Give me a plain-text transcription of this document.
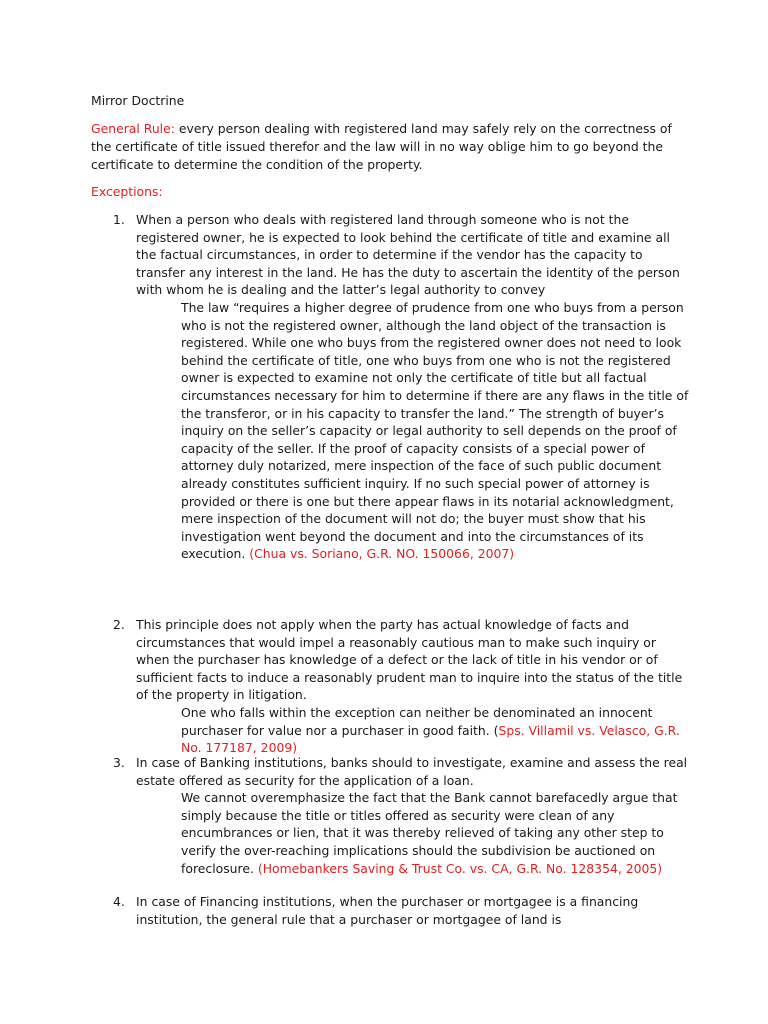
Mirror Doctrine
General Rule: every person dealing with registered land may safely rely on the correctness of the certificate of title issued therefor and the law will in no way oblige him to go beyond the certificate to determine the condition of the property.
Exceptions:
1. When a person who deals with registered land through someone who is not the registered owner, he is expected to look behind the certificate of title and examine all the factual circumstances, in order to determine if the vendor has the capacity to transfer any interest in the land. He has the duty to ascertain the identity of the person with whom he is dealing and the latter’s legal authority to convey
The law “requires a higher degree of prudence from one who buys from a person who is not the registered owner, although the land object of the transaction is registered. While one who buys from the registered owner does not need to look behind the certificate of title, one who buys from one who is not the registered owner is expected to examine not only the certificate of title but all factual circumstances necessary for him to determine if there are any flaws in the title of the transferor, or in his capacity to transfer the land.” The strength of buyer’s inquiry on the seller’s capacity or legal authority to sell depends on the proof of capacity of the seller. If the proof of capacity consists of a special power of attorney duly notarized, mere inspection of the face of such public document already constitutes sufficient inquiry. If no such special power of attorney is provided or there is one but there appear flaws in its notarial acknowledgment, mere inspection of the document will not do; the buyer must show that his investigation went beyond the document and into the circumstances of its execution. (Chua vs. Soriano, G.R. NO. 150066, 2007)
2. This principle does not apply when the party has actual knowledge of facts and circumstances that would impel a reasonably cautious man to make such inquiry or when the purchaser has knowledge of a defect or the lack of title in his vendor or of sufficient facts to induce a reasonably prudent man to inquire into the status of the title of the property in litigation.
One who falls within the exception can neither be denominated an innocent purchaser for value nor a purchaser in good faith. (Sps. Villamil vs. Velasco, G.R. No. 177187, 2009)
3. In case of Banking institutions, banks should to investigate, examine and assess the real estate offered as security for the application of a loan.
We cannot overemphasize the fact that the Bank cannot barefacedly argue that simply because the title or titles offered as security were clean of any encumbrances or lien, that it was thereby relieved of taking any other step to verify the over-reaching implications should the subdivision be auctioned on foreclosure. (Homebankers Saving & Trust Co. vs. CA, G.R. No. 128354, 2005)
4. In case of Financing institutions, when the purchaser or mortgagee is a financing institution, the general rule that a purchaser or mortgagee of land is
